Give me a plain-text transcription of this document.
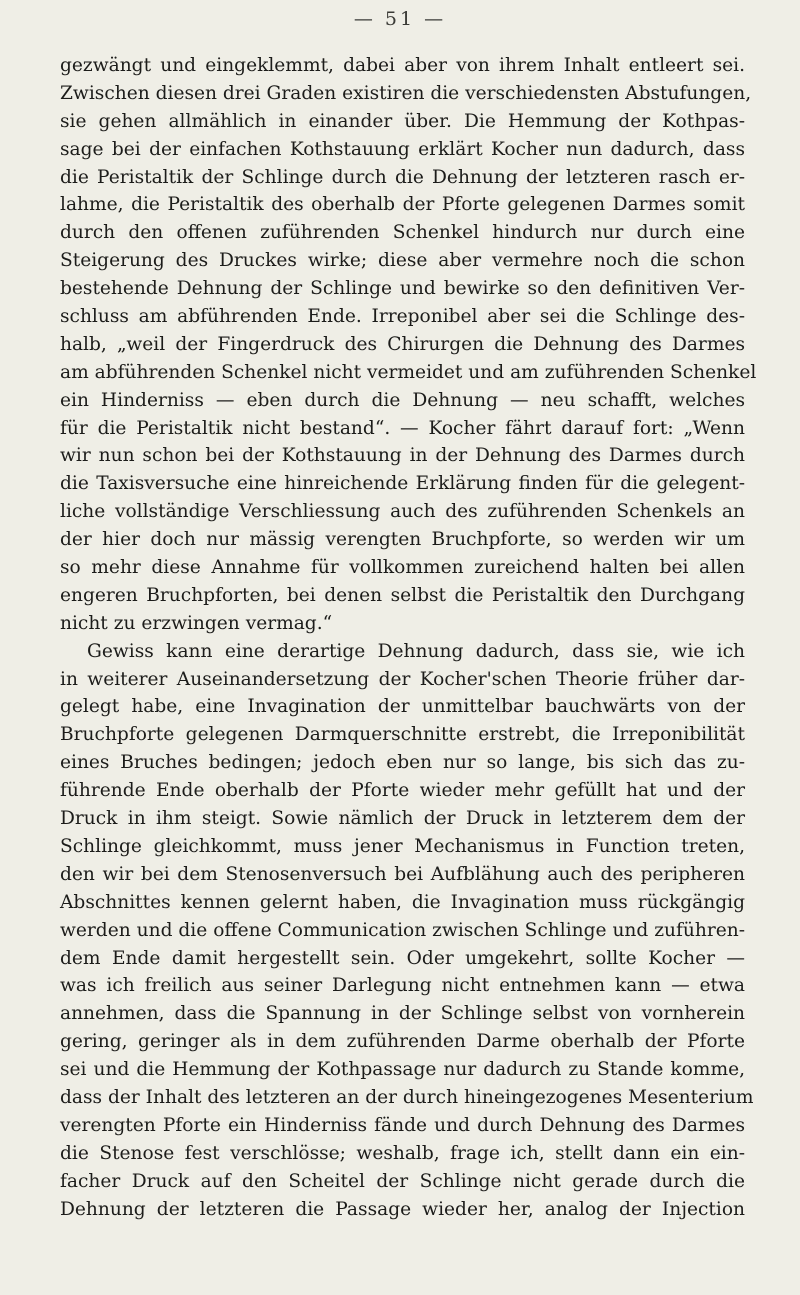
— 51 —
gezwängt und eingeklemmt, dabei aber von ihrem Inhalt entleert sei.
Zwischen diesen drei Graden existiren die verschiedensten Abstufungen,
sie gehen allmählich in einander über. Die Hemmung der Kothpas-
sage bei der einfachen Kothstauung erklärt Kocher nun dadurch, dass
die Peristaltik der Schlinge durch die Dehnung der letzteren rasch er-
lahme, die Peristaltik des oberhalb der Pforte gelegenen Darmes somit
durch den offenen zuführenden Schenkel hindurch nur durch eine
Steigerung des Druckes wirke; diese aber vermehre noch die schon
bestehende Dehnung der Schlinge und bewirke so den definitiven Ver-
schluss am abführenden Ende. Irreponibel aber sei die Schlinge des-
halb, „weil der Fingerdruck des Chirurgen die Dehnung des Darmes
am abführenden Schenkel nicht vermeidet und am zuführenden Schenkel
ein Hinderniss — eben durch die Dehnung — neu schafft, welches
für die Peristaltik nicht bestand“. — Kocher fährt darauf fort: „Wenn
wir nun schon bei der Kothstauung in der Dehnung des Darmes durch
die Taxisversuche eine hinreichende Erklärung finden für die gelegent-
liche vollständige Verschliessung auch des zuführenden Schenkels an
der hier doch nur mässig verengten Bruchpforte, so werden wir um
so mehr diese Annahme für vollkommen zureichend halten bei allen
engeren Bruchpforten, bei denen selbst die Peristaltik den Durchgang
nicht zu erzwingen vermag.“
Gewiss kann eine derartige Dehnung dadurch, dass sie, wie ich
in weiterer Auseinandersetzung der Kocher'schen Theorie früher dar-
gelegt habe, eine Invagination der unmittelbar bauchwärts von der
Bruchpforte gelegenen Darmquerschnitte erstrebt, die Irreponibilität
eines Bruches bedingen; jedoch eben nur so lange, bis sich das zu-
führende Ende oberhalb der Pforte wieder mehr gefüllt hat und der
Druck in ihm steigt. Sowie nämlich der Druck in letzterem dem der
Schlinge gleichkommt, muss jener Mechanismus in Function treten,
den wir bei dem Stenosenversuch bei Aufblähung auch des peripheren
Abschnittes kennen gelernt haben, die Invagination muss rückgängig
werden und die offene Communication zwischen Schlinge und zuführen-
dem Ende damit hergestellt sein. Oder umgekehrt, sollte Kocher —
was ich freilich aus seiner Darlegung nicht entnehmen kann — etwa
annehmen, dass die Spannung in der Schlinge selbst von vornherein
gering, geringer als in dem zuführenden Darme oberhalb der Pforte
sei und die Hemmung der Kothpassage nur dadurch zu Stande komme,
dass der Inhalt des letzteren an der durch hineingezogenes Mesenterium
verengten Pforte ein Hinderniss fände und durch Dehnung des Darmes
die Stenose fest verschlösse; weshalb, frage ich, stellt dann ein ein-
facher Druck auf den Scheitel der Schlinge nicht gerade durch die
Dehnung der letzteren die Passage wieder her, analog der Injection
